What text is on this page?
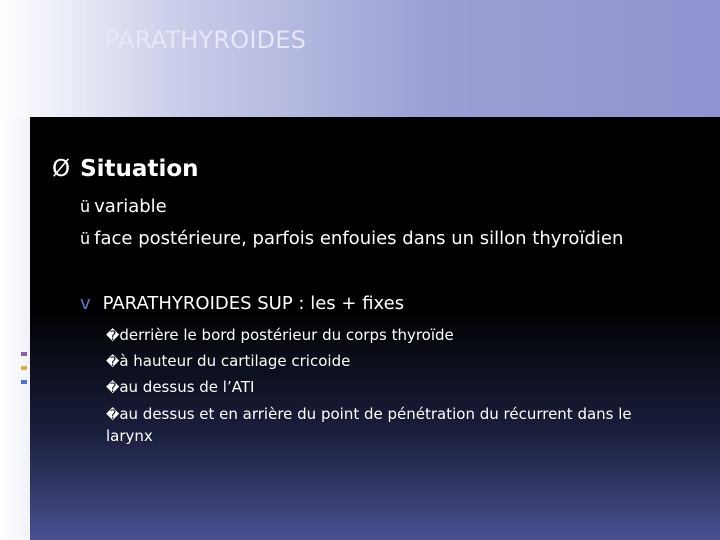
PARATHYROIDES
Ø Situation
ü variable
ü face postérieure, parfois enfouies dans un sillon thyroïdien
v PARATHYROIDES SUP : les + fixes
�derrière le bord postérieur du corps thyroïde
�à hauteur du cartilage cricoide
�au dessus de l’ATI
�au dessus et en arrière du point de pénétration du récurrent dans le larynx
